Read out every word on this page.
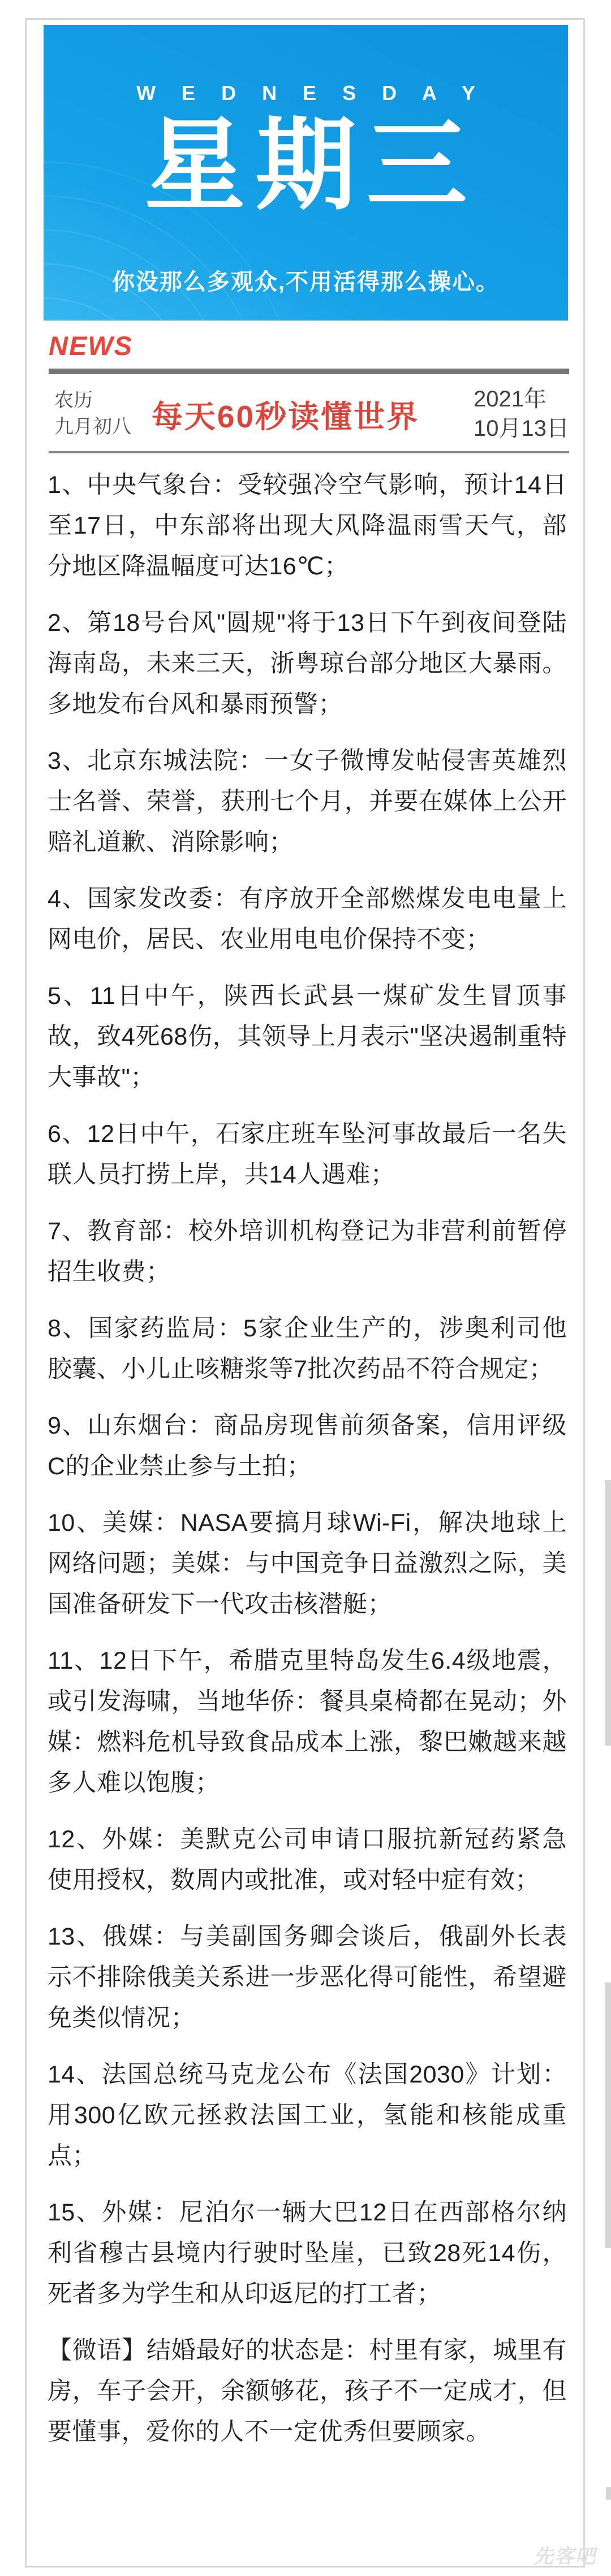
W E D N E S D A Y
星期三
你没那么多观众,不用活得那么操心。
NEWS
农历
九月初八 每天60秒读懂世界 2021年
10月13日

1、中央气象台：受较强冷空气影响，预计14日至17日，中东部将出现大风降温雨雪天气，部分地区降温幅度可达16℃；

2、第18号台风"圆规"将于13日下午到夜间登陆海南岛，未来三天，浙粤琼台部分地区大暴雨。多地发布台风和暴雨预警；

3、北京东城法院：一女子微博发帖侵害英雄烈士名誉、荣誉，获刑七个月，并要在媒体上公开赔礼道歉、消除影响；

4、国家发改委：有序放开全部燃煤发电电量上网电价，居民、农业用电电价保持不变；

5、11日中午，陕西长武县一煤矿发生冒顶事故，致4死68伤，其领导上月表示"坚决遏制重特大事故"；

6、12日中午，石家庄班车坠河事故最后一名失联人员打捞上岸，共14人遇难；

7、教育部：校外培训机构登记为非营利前暂停招生收费；

8、国家药监局：5家企业生产的，涉奥利司他胶囊、小儿止咳糖浆等7批次药品不符合规定；

9、山东烟台：商品房现售前须备案，信用评级C的企业禁止参与土拍；

10、美媒：NASA要搞月球Wi-Fi，解决地球上网络问题；美媒：与中国竞争日益激烈之际，美国准备研发下一代攻击核潜艇；

11、12日下午，希腊克里特岛发生6.4级地震，或引发海啸，当地华侨：餐具桌椅都在晃动；外媒：燃料危机导致食品成本上涨，黎巴嫩越来越多人难以饱腹；

12、外媒：美默克公司申请口服抗新冠药紧急使用授权，数周内或批准，或对轻中症有效；

13、俄媒：与美副国务卿会谈后，俄副外长表示不排除俄美关系进一步恶化得可能性，希望避免类似情况；

14、法国总统马克龙公布《法国2030》计划：用300亿欧元拯救法国工业，氢能和核能成重点；

15、外媒：尼泊尔一辆大巴12日在西部格尔纳利省穆古县境内行驶时坠崖，已致28死14伤，死者多为学生和从印返尼的打工者；

【微语】结婚最好的状态是：村里有家，城里有房，车子会开，余额够花，孩子不一定成才，但要懂事，爱你的人不一定优秀但要顾家。

先客吧
